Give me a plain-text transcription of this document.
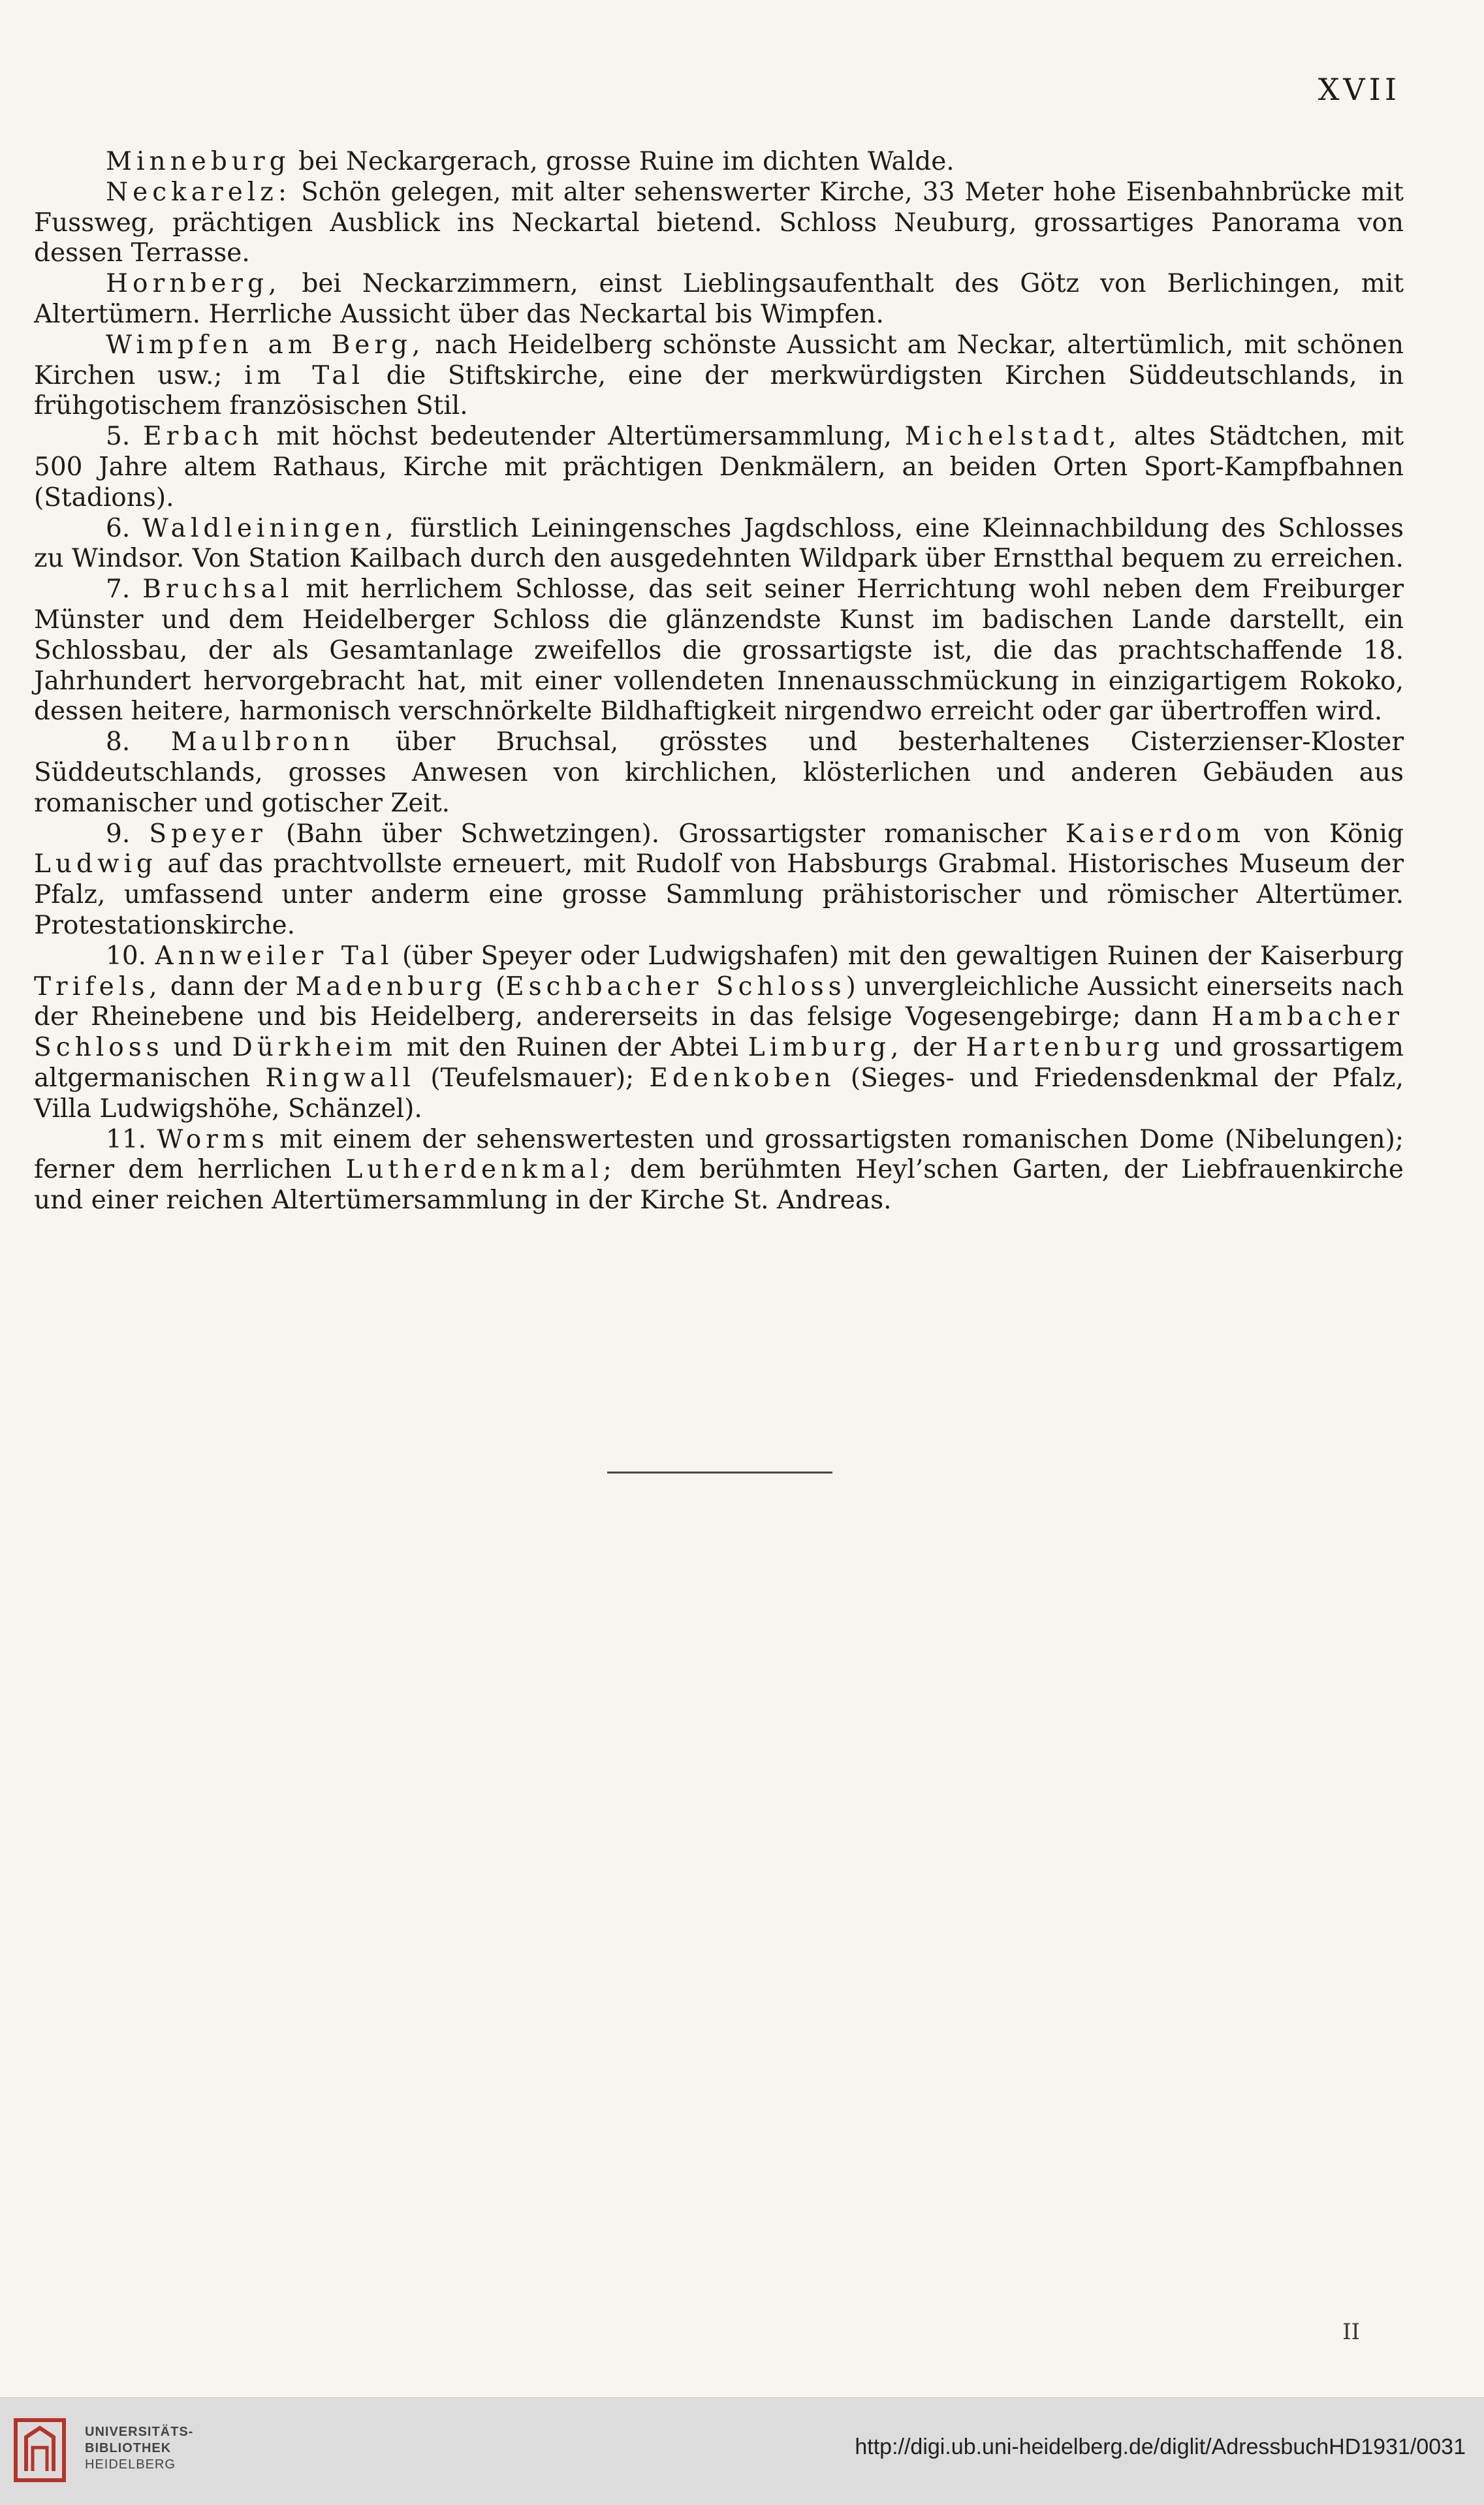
XVII

Minneburg bei Neckargerach, grosse Ruine im dichten Walde.

Neckarelz: Schön gelegen, mit alter sehenswerter Kirche, 33 Meter hohe Eisenbahnbrücke mit Fussweg, prächtigen Ausblick ins Neckartal bietend. Schloss Neuburg, grossartiges Panorama von dessen Terrasse.

Hornberg, bei Neckarzimmern, einst Lieblingsaufenthalt des Götz von Berlichingen, mit Altertümern. Herrliche Aussicht über das Neckartal bis Wimpfen.

Wimpfen am Berg, nach Heidelberg schönste Aussicht am Neckar, altertümlich, mit schönen Kirchen usw.; im Tal die Stiftskirche, eine der merkwürdigsten Kirchen Süddeutschlands, in frühgotischem französischen Stil.

5. Erbach mit höchst bedeutender Altertümersammlung, Michelstadt, altes Städtchen, mit 500 Jahre altem Rathaus, Kirche mit prächtigen Denkmälern, an beiden Orten Sport-Kampfbahnen (Stadions).

6. Waldleiningen, fürstlich Leiningensches Jagdschloss, eine Kleinnachbildung des Schlosses zu Windsor. Von Station Kailbach durch den ausgedehnten Wildpark über Ernstthal bequem zu erreichen.

7. Bruchsal mit herrlichem Schlosse, das seit seiner Herrichtung wohl neben dem Freiburger Münster und dem Heidelberger Schloss die glänzendste Kunst im badischen Lande darstellt, ein Schlossbau, der als Gesamtanlage zweifellos die grossartigste ist, die das prachtschaffende 18. Jahrhundert hervorgebracht hat, mit einer vollendeten Innenausschmückung in einzigartigem Rokoko, dessen heitere, harmonisch verschnörkelte Bildhaftigkeit nirgendwo erreicht oder gar übertroffen wird.

8. Maulbronn über Bruchsal, grösstes und besterhaltenes Cisterzienser-Kloster Süddeutschlands, grosses Anwesen von kirchlichen, klösterlichen und anderen Gebäuden aus romanischer und gotischer Zeit.

9. Speyer (Bahn über Schwetzingen). Grossartigster romanischer Kaiserdom von König Ludwig auf das prachtvollste erneuert, mit Rudolf von Habsburgs Grabmal. Historisches Museum der Pfalz, umfassend unter anderm eine grosse Sammlung prähistorischer und römischer Altertümer. Protestationskirche.

10. Annweiler Tal (über Speyer oder Ludwigshafen) mit den gewaltigen Ruinen der Kaiserburg Trifels, dann der Madenburg (Eschbacher Schloss) unvergleichliche Aussicht einerseits nach der Rheinebene und bis Heidelberg, andererseits in das felsige Vogesengebirge; dann Hambacher Schloss und Dürkheim mit den Ruinen der Abtei Limburg, der Hartenburg und grossartigem altgermanischen Ringwall (Teufelsmauer); Edenkoben (Sieges- und Friedensdenkmal der Pfalz, Villa Ludwigshöhe, Schänzel).

11. Worms mit einem der sehenswertesten und grossartigsten romanischen Dome (Nibelungen); ferner dem herrlichen Lutherdenkmal; dem berühmten Heyl’schen Garten, der Liebfrauenkirche und einer reichen Altertümersammlung in der Kirche St. Andreas.

II
UNIVERSITÄTS-
BIBLIOTHEK
HEIDELBERG
http://digi.ub.uni-heidelberg.de/diglit/AdressbuchHD1931/0031
